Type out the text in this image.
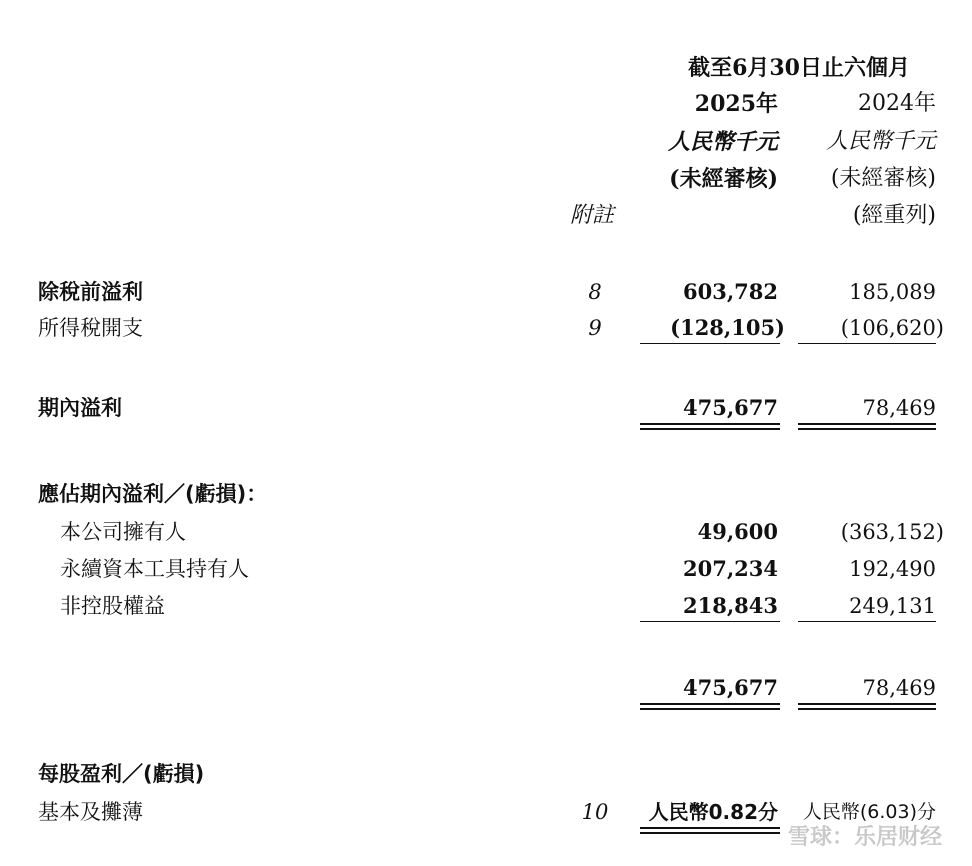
截至6月30日止六個月
2025年	2024年
人民幣千元 人民幣千元
(未經審核) (未經審核)
附註	(經重列)
除稅前溢利	8	603,782	185,089
所得稅開支	9	(128,105)	(106,620)
期內溢利	475,677	78,469
應佔期內溢利／(虧損)：
本公司擁有人	49,600	(363,152)
永續資本工具持有人	207,234	192,490
非控股權益	218,843	249,131
475,677	78,469
每股盈利／(虧損)
基本及攤薄	10	人民幣0.82分 人民幣(6.03)分
雪球：乐居财经
